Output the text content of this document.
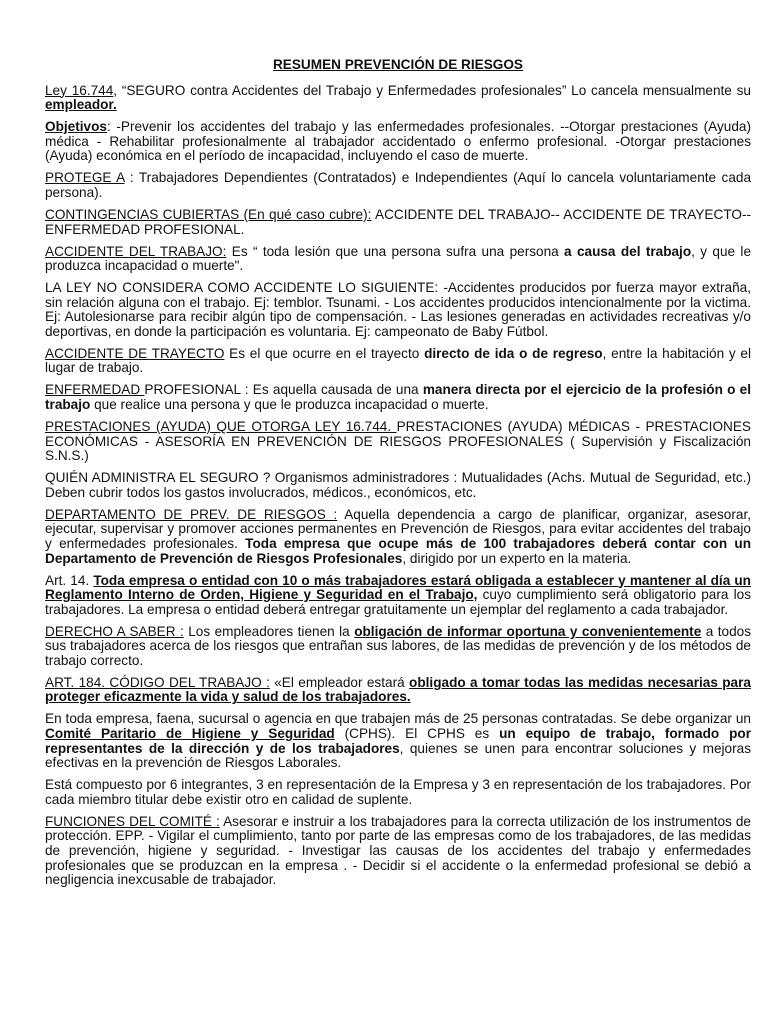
RESUMEN PREVENCIÓN DE RIESGOS

Ley 16.744, “SEGURO contra Accidentes del Trabajo y Enfermedades profesionales” Lo cancela mensualmente su empleador.

Objetivos: -Prevenir los accidentes del trabajo y las enfermedades profesionales. --Otorgar prestaciones (Ayuda) médica - Rehabilitar profesionalmente al trabajador accidentado o enfermo profesional. -Otorgar prestaciones (Ayuda) económica en el período de incapacidad, incluyendo el caso de muerte.

PROTEGE A : Trabajadores Dependientes (Contratados) e Independientes (Aquí lo cancela voluntariamente cada persona).

CONTINGENCIAS CUBIERTAS (En qué caso cubre): ACCIDENTE DEL TRABAJO-- ACCIDENTE DE TRAYECTO--ENFERMEDAD PROFESIONAL.

ACCIDENTE DEL TRABAJO: Es “ toda lesión que una persona sufra una persona a causa del trabajo, y que le produzca incapacidad o muerte".

LA LEY NO CONSIDERA COMO ACCIDENTE LO SIGUIENTE: -Accidentes producidos por fuerza mayor extraña, sin relación alguna con el trabajo. Ej: temblor. Tsunami. - Los accidentes producidos intencionalmente por la victima. Ej: Autolesionarse para recibir algún tipo de compensación. - Las lesiones generadas en actividades recreativas y/o deportivas, en donde la participación es voluntaria. Ej: campeonato de Baby Fútbol.

ACCIDENTE DE TRAYECTO Es el que ocurre en el trayecto directo de ida o de regreso, entre la habitación y el lugar de trabajo.

ENFERMEDAD PROFESIONAL : Es aquella causada de una manera directa por el ejercicio de la profesión o el trabajo que realice una persona y que le produzca incapacidad o muerte.

PRESTACIONES (AYUDA) QUE OTORGA LEY 16.744. PRESTACIONES (AYUDA) MÉDICAS - PRESTACIONES ECONÓMICAS - ASESORÍA EN PREVENCIÓN DE RIESGOS PROFESIONALES ( Supervisión y Fiscalización S.N.S.)

QUIÉN ADMINISTRA EL SEGURO ? Organismos administradores : Mutualidades (Achs. Mutual de Seguridad, etc.) Deben cubrir todos los gastos involucrados, médicos., económicos, etc.

DEPARTAMENTO DE PREV. DE RIESGOS : Aquella dependencia a cargo de planificar, organizar, asesorar, ejecutar, supervisar y promover acciones permanentes en Prevención de Riesgos, para evitar accidentes del trabajo y enfermedades profesionales. Toda empresa que ocupe más de 100 trabajadores deberá contar con un Departamento de Prevención de Riesgos Profesionales, dirigido por un experto en la materia.

Art. 14. Toda empresa o entidad con 10 o más trabajadores estará obligada a establecer y mantener al día un Reglamento Interno de Orden, Higiene y Seguridad en el Trabajo, cuyo cumplimiento será obligatorio para los trabajadores. La empresa o entidad deberá entregar gratuitamente un ejemplar del reglamento a cada trabajador.

DERECHO A SABER : Los empleadores tienen la obligación de informar oportuna y convenientemente a todos sus trabajadores acerca de los riesgos que entrañan sus labores, de las medidas de prevención y de los métodos de trabajo correcto.

ART. 184. CÓDIGO DEL TRABAJO : «El empleador estará obligado a tomar todas las medidas necesarias para proteger eficazmente la vida y salud de los trabajadores.

En toda empresa, faena, sucursal o agencia en que trabajen más de 25 personas contratadas. Se debe organizar un Comité Paritario de Higiene y Seguridad (CPHS). El CPHS es un equipo de trabajo, formado por representantes de la dirección y de los trabajadores, quienes se unen para encontrar soluciones y mejoras efectivas en la prevención de Riesgos Laborales.

Está compuesto por 6 integrantes, 3 en representación de la Empresa y 3 en representación de los trabajadores. Por cada miembro titular debe existir otro en calidad de suplente.

FUNCIONES DEL COMITÉ : Asesorar e instruir a los trabajadores para la correcta utilización de los instrumentos de protección. EPP. - Vigilar el cumplimiento, tanto por parte de las empresas como de los trabajadores, de las medidas de prevención, higiene y seguridad. - Investigar las causas de los accidentes del trabajo y enfermedades profesionales que se produzcan en la empresa . - Decidir si el accidente o la enfermedad profesional se debió a negligencia inexcusable de trabajador.
